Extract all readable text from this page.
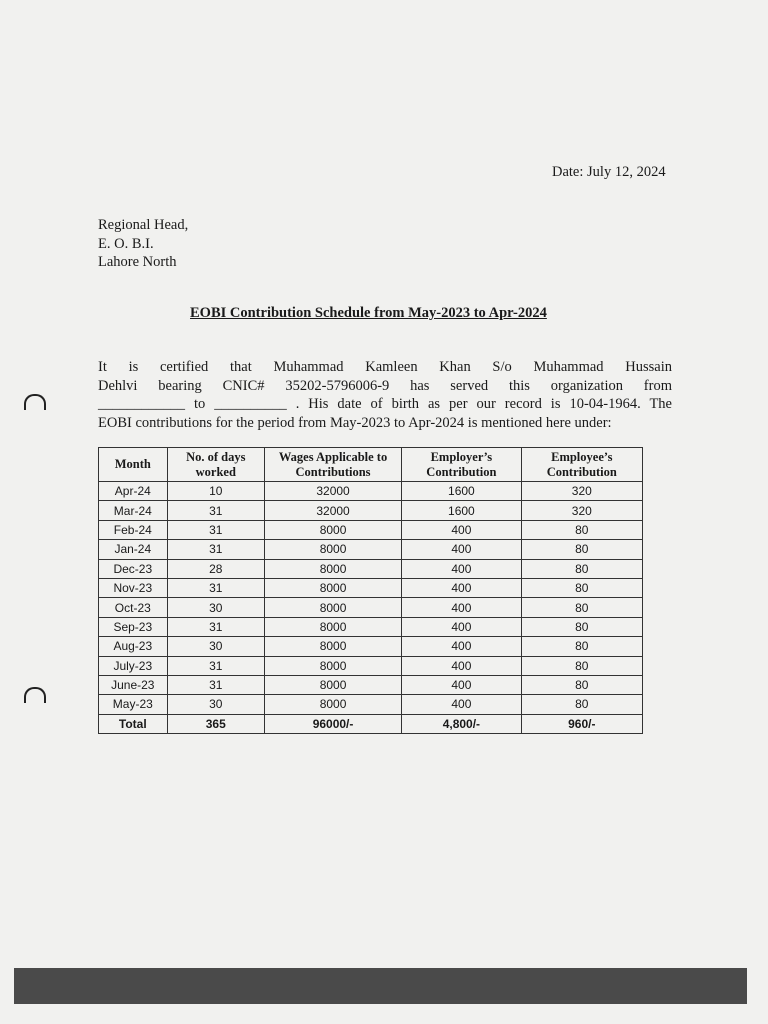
Date: July 12, 2024
Regional Head,
E. O. B.I.
Lahore North
EOBI Contribution Schedule from May-2023 to Apr-2024
It is certified that Muhammad Kamleen Khan S/o Muhammad Hussain
Dehlvi bearing CNIC# 35202-5796006-9 has served this organization from
____________ to __________ . His date of birth as per our record is 10-04-1964. The
EOBI contributions for the period from May-2023 to Apr-2024 is mentioned here under:
Month	No. of days worked	Wages Applicable to Contributions	Employer’s Contribution	Employee’s Contribution
Apr-24	10	32000	1600	320
Mar-24	31	32000	1600	320
Feb-24	31	8000	400	80
Jan-24	31	8000	400	80
Dec-23	28	8000	400	80
Nov-23	31	8000	400	80
Oct-23	30	8000	400	80
Sep-23	31	8000	400	80
Aug-23	30	8000	400	80
July-23	31	8000	400	80
June-23	31	8000	400	80
May-23	30	8000	400	80
Total	365	96000/-	4,800/-	960/-
